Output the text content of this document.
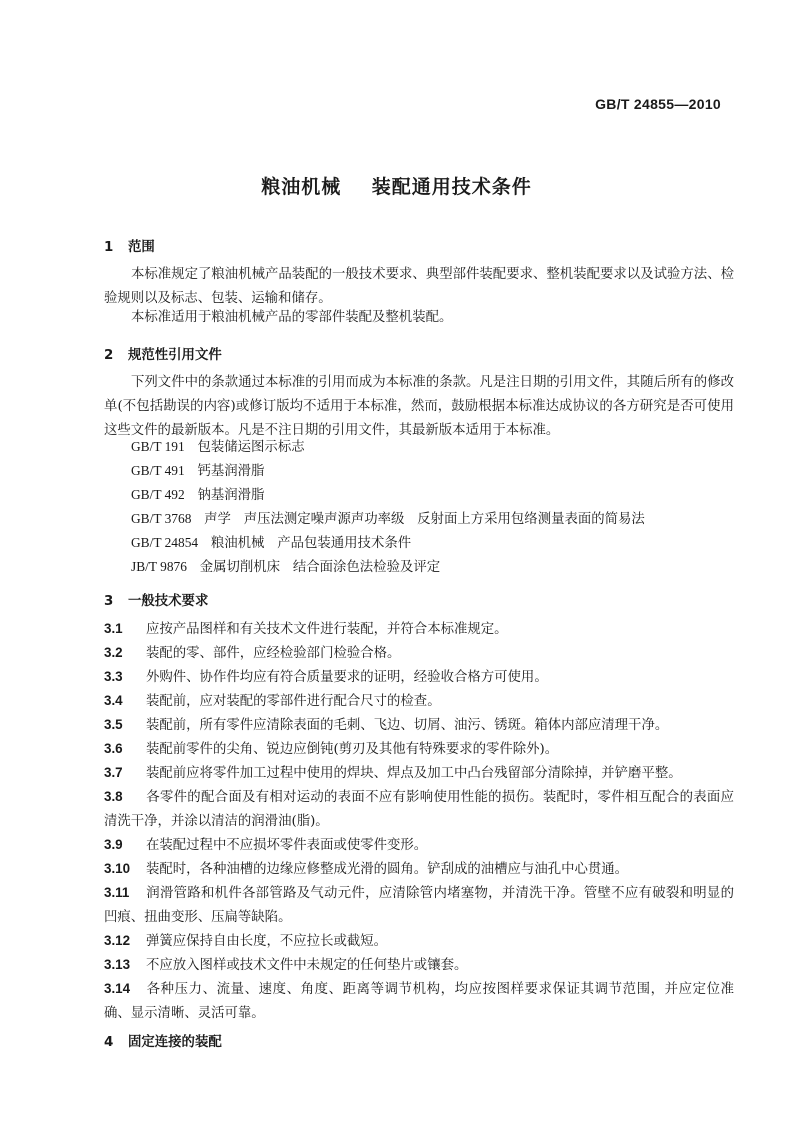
GB/T 24855—2010
粮油机械    装配通用技术条件
1 范围
本标准规定了粮油机械产品装配的一般技术要求、典型部件装配要求、整机装配要求以及试验方法、检验规则以及标志、包装、运输和储存。
本标准适用于粮油机械产品的零部件装配及整机装配。
2 规范性引用文件
下列文件中的条款通过本标准的引用而成为本标准的条款。凡是注日期的引用文件，其随后所有的修改单(不包括勘误的内容)或修订版均不适用于本标准，然而，鼓励根据本标准达成协议的各方研究是否可使用这些文件的最新版本。凡是不注日期的引用文件，其最新版本适用于本标准。
GB/T 191 包装储运图示标志
GB/T 491 钙基润滑脂
GB/T 492 钠基润滑脂
GB/T 3768 声学   声压法测定噪声源声功率级   反射面上方采用包络测量表面的简易法
GB/T 24854 粮油机械   产品包装通用技术条件
JB/T 9876 金属切削机床   结合面涂色法检验及评定
3 一般技术要求
3.1 应按产品图样和有关技术文件进行装配，并符合本标准规定。
3.2 装配的零、部件，应经检验部门检验合格。
3.3 外购件、协作件均应有符合质量要求的证明，经验收合格方可使用。
3.4 装配前，应对装配的零部件进行配合尺寸的检查。
3.5 装配前，所有零件应清除表面的毛刺、飞边、切屑、油污、锈斑。箱体内部应清理干净。
3.6 装配前零件的尖角、锐边应倒钝(剪刃及其他有特殊要求的零件除外)。
3.7 装配前应将零件加工过程中使用的焊块、焊点及加工中凸台残留部分清除掉，并铲磨平整。
3.8 各零件的配合面及有相对运动的表面不应有影响使用性能的损伤。装配时，零件相互配合的表面应清洗干净，并涂以清洁的润滑油(脂)。
3.9 在装配过程中不应损坏零件表面或使零件变形。
3.10 装配时，各种油槽的边缘应修整成光滑的圆角。铲刮成的油槽应与油孔中心贯通。
3.11 润滑管路和机件各部管路及气动元件，应清除管内堵塞物，并清洗干净。管壁不应有破裂和明显的凹痕、扭曲变形、压扁等缺陷。
3.12 弹簧应保持自由长度，不应拉长或截短。
3.13 不应放入图样或技术文件中未规定的任何垫片或镶套。
3.14 各种压力、流量、速度、角度、距离等调节机构，均应按图样要求保证其调节范围，并应定位准确、显示清晰、灵活可靠。
4 固定连接的装配
